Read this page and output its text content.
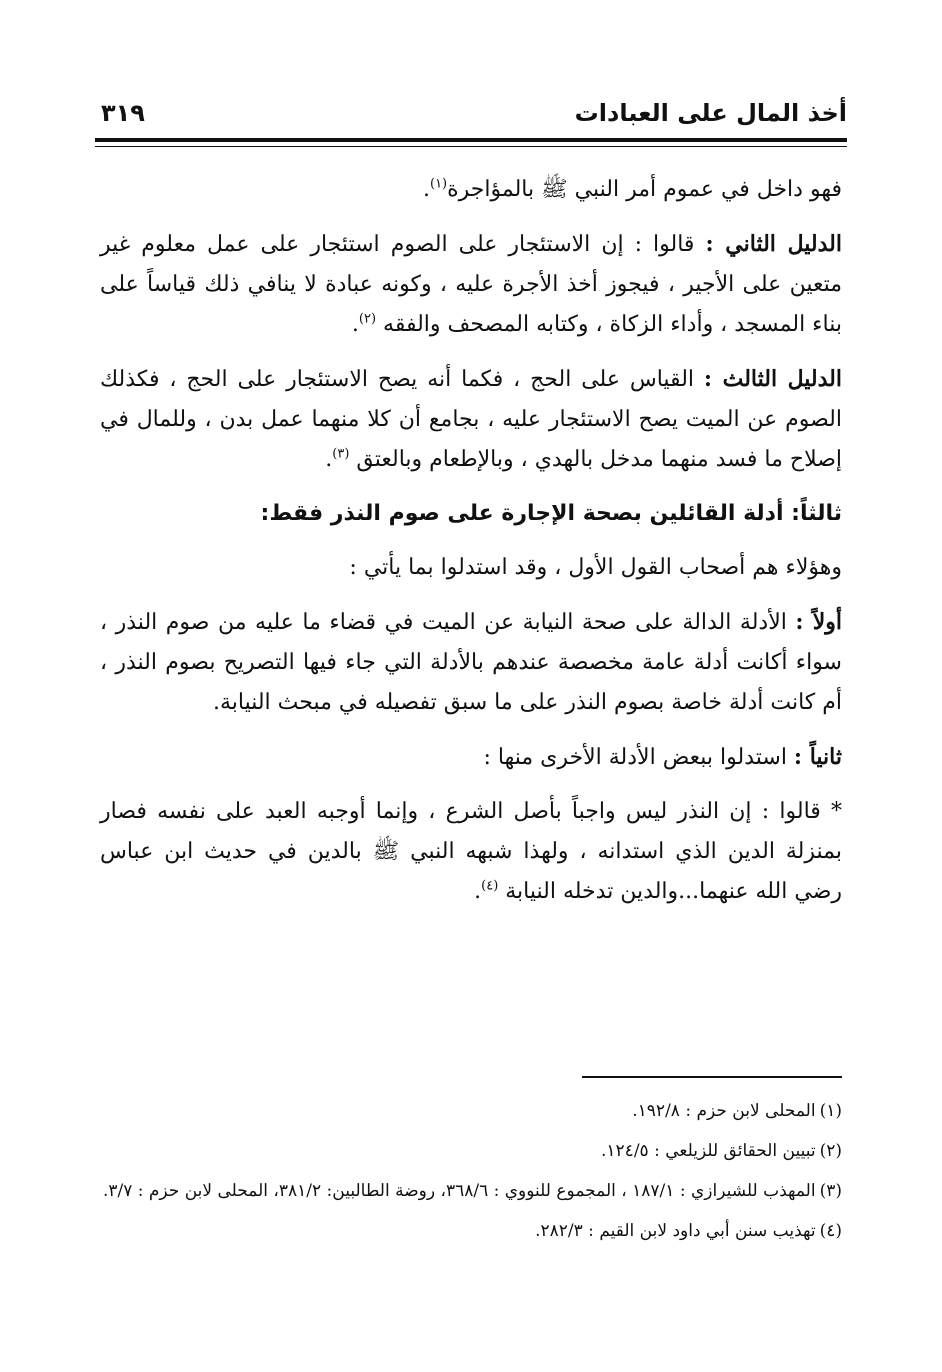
أخذ المال على العبادات
٣١٩

فهو داخل في عموم أمر النبي ﷺ بالمؤاجرة$^{(١)}$.

الدليل الثاني : قالوا : إن الاستئجار على الصوم استئجار على عمل معلوم غير متعين على الأجير ، فيجوز أخذ الأجرة عليه ، وكونه عبادة لا ينافي ذلك قياساً على بناء المسجد ، وأداء الزكاة ، وكتابه المصحف والفقه $^{(٢)}$.

الدليل الثالث : القياس على الحج ، فكما أنه يصح الاستئجار على الحج ، فكذلك الصوم عن الميت يصح الاستئجار عليه ، بجامع أن كلا منهما عمل بدن ، وللمال في إصلاح ما فسد منهما مدخل بالهدي ، وبالإطعام وبالعتق $^{(٣)}$.

ثالثاً: أدلة القائلين بصحة الإجارة على صوم النذر فقط:

وهؤلاء هم أصحاب القول الأول ، وقد استدلوا بما يأتي :

أولاً : الأدلة الدالة على صحة النيابة عن الميت في قضاء ما عليه من صوم النذر ، سواء أكانت أدلة عامة مخصصة عندهم بالأدلة التي جاء فيها التصريح بصوم النذر ، أم كانت أدلة خاصة بصوم النذر على ما سبق تفصيله في مبحث النيابة.

ثانياً : استدلوا ببعض الأدلة الأخرى منها :

* قالوا : إن النذر ليس واجباً بأصل الشرع ، وإنما أوجبه العبد على نفسه فصار بمنزلة الدين الذي استدانه ، ولهذا شبهه النبي ﷺ بالدين في حديث ابن عباس رضي الله عنهما...والدين تدخله النيابة $^{(٤)}$.

(١)المحلى لابن حزم : ١٩٢/٨.

(٢)تبيين الحقائق للزيلعي : ١٢٤/٥.

(٣)المهذب للشيرازي : ١٨٧/١ ، المجموع للنووي : ٣٦٨/٦، روضة الطالبين: ٣٨١/٢، المحلى لابن حزم : ٣/٧.

(٤)تهذيب سنن أبي داود لابن القيم : ٢٨٢/٣.
